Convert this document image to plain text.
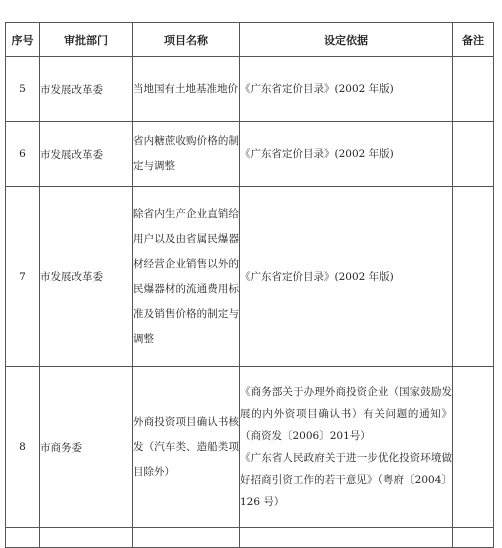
序号	审批部门	项目名称	设定依据	备注
5	市发展改革委	当地国有土地基准地价	《广东省定价目录》(2002 年版)	
6	市发展改革委	省内糖蔗收购价格的制定与调整	《广东省定价目录》(2002 年版)	
7	市发展改革委	除省内生产企业直销给用户以及由省属民爆器材经营企业销售以外的民爆器材的流通费用标准及销售价格的制定与调整	《广东省定价目录》(2002 年版)	
8	市商务委	外商投资项目确认书核发（汽车类、造船类项目除外）	《商务部关于办理外商投资企业（国家鼓励发展的内外资项目确认书）有关问题的通知》（商资发〔2006〕201号）
《广东省人民政府关于进一步优化投资环境做好招商引资工作的若干意见》（粤府〔2004〕126 号）	
